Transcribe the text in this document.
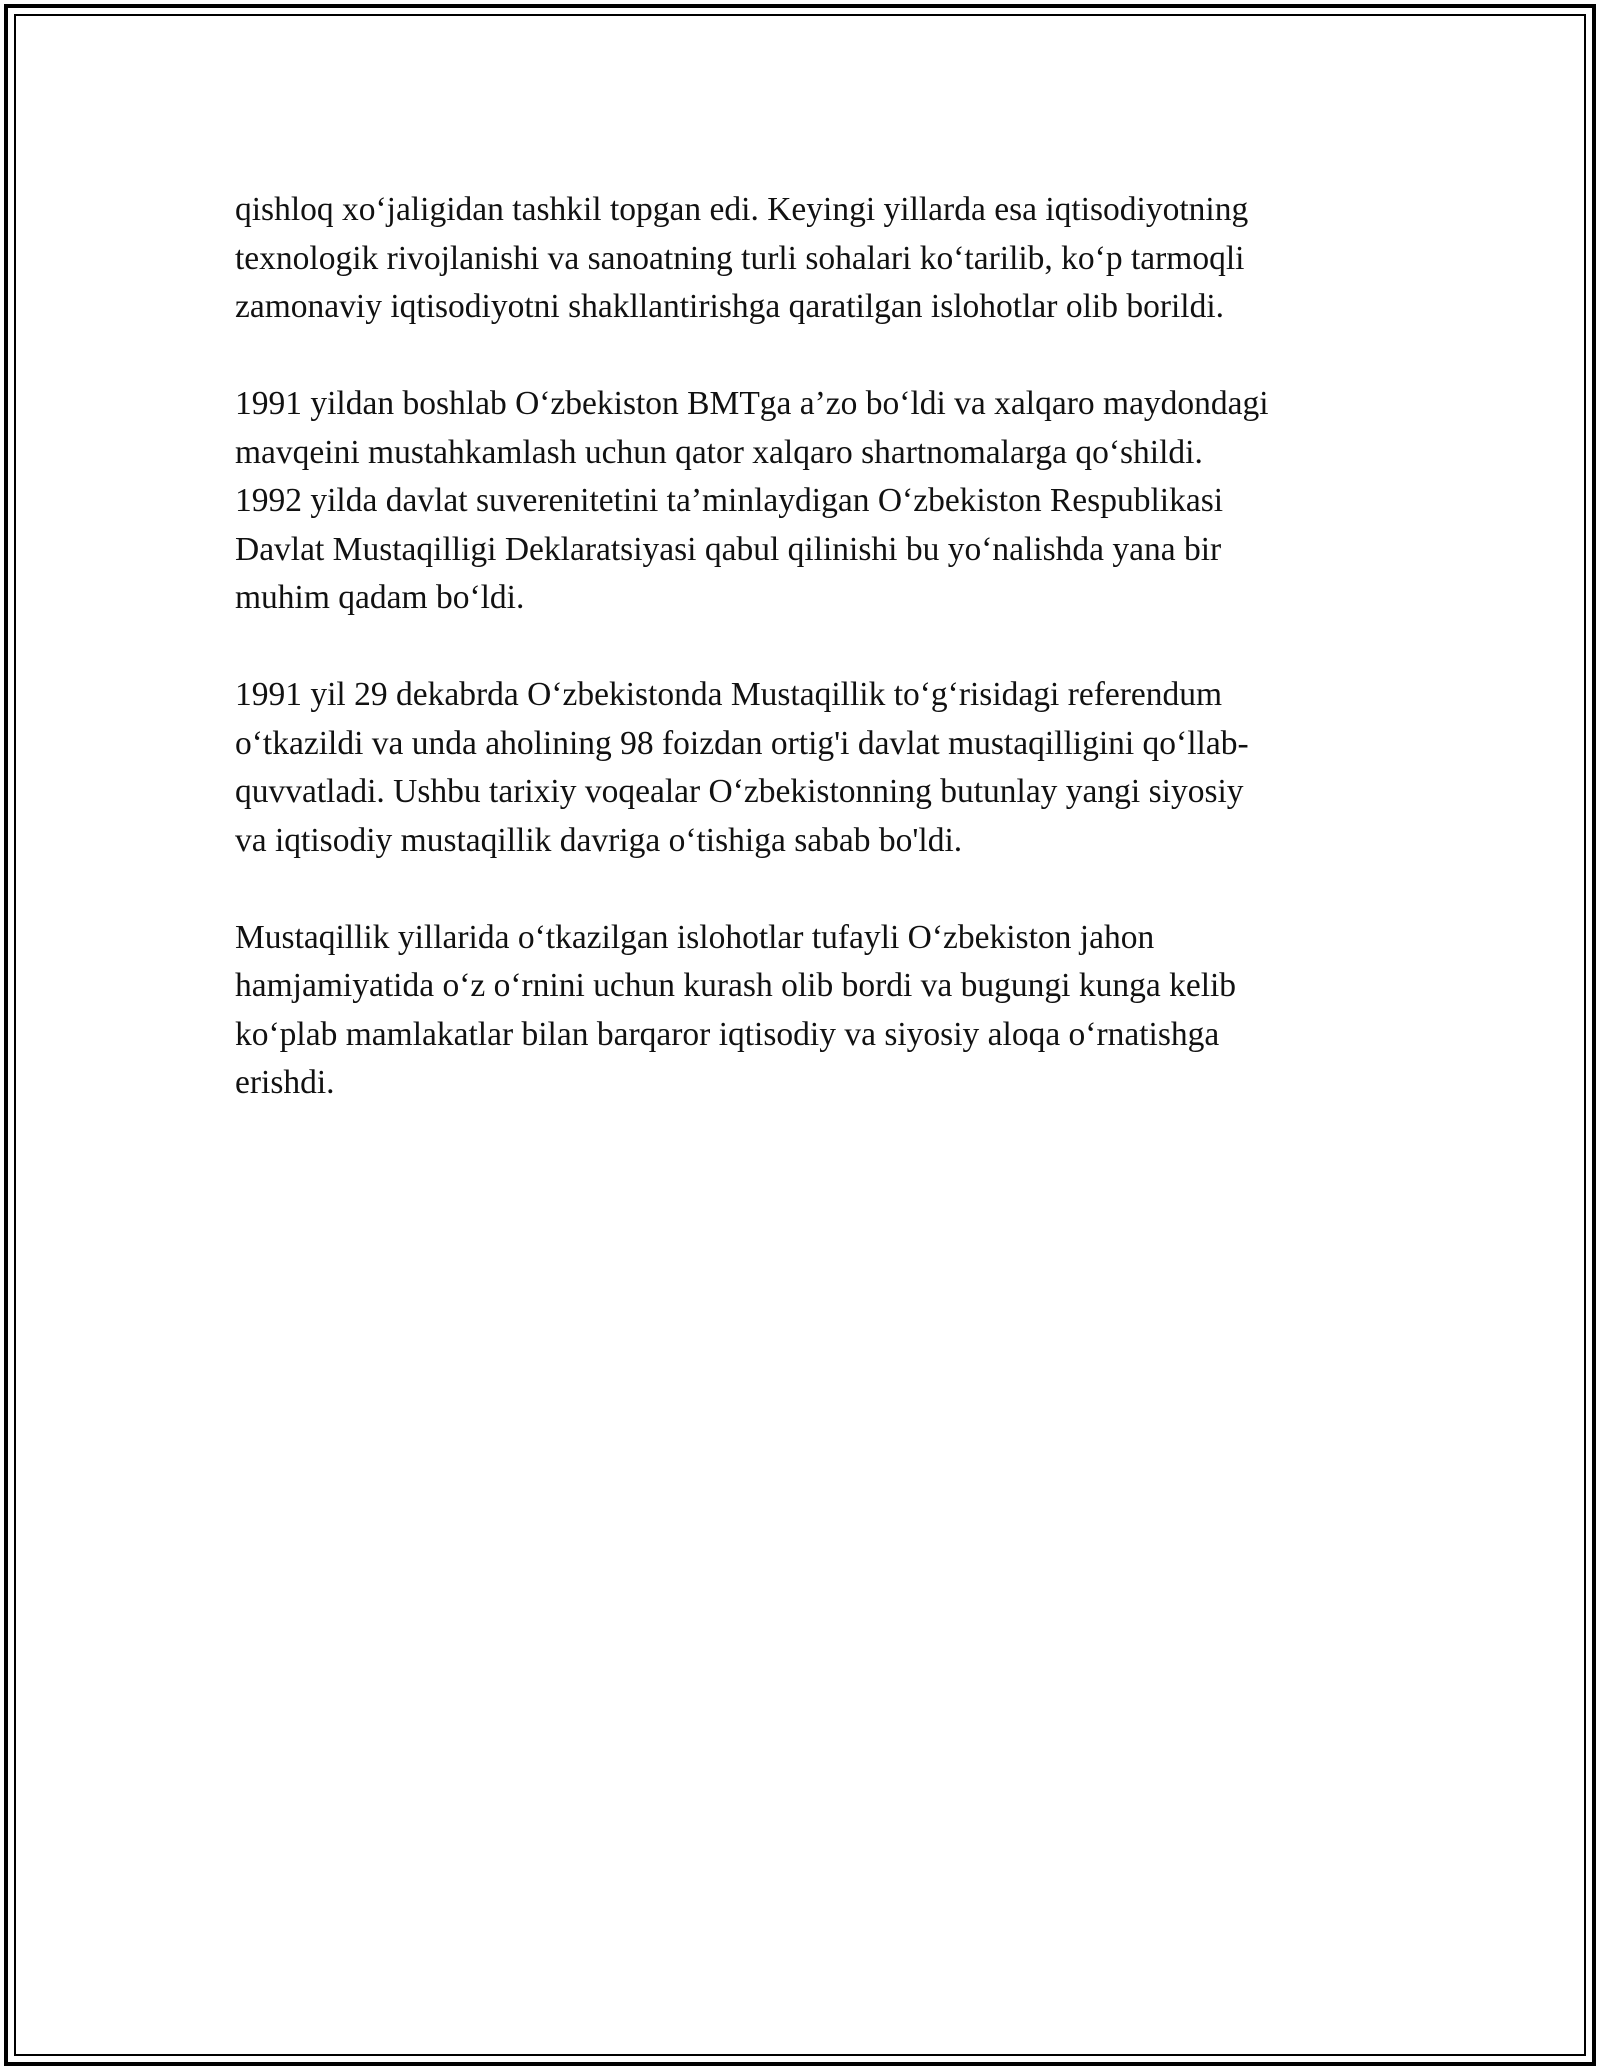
qishloq xo‘jaligidan tashkil topgan edi. Keyingi yillarda esa iqtisodiyotning
texnologik rivojlanishi va sanoatning turli sohalari ko‘tarilib, ko‘p tarmoqli
zamonaviy iqtisodiyotni shakllantirishga qaratilgan islohotlar olib borildi.

1991 yildan boshlab O‘zbekiston BMTga a’zo bo‘ldi va xalqaro maydondagi
mavqeini mustahkamlash uchun qator xalqaro shartnomalarga qo‘shildi.
1992 yilda davlat suverenitetini ta’minlaydigan O‘zbekiston Respublikasi
Davlat Mustaqilligi Deklaratsiyasi qabul qilinishi bu yo‘nalishda yana bir
muhim qadam bo‘ldi.

1991 yil 29 dekabrda O‘zbekistonda Mustaqillik to‘g‘risidagi referendum
o‘tkazildi va unda aholining 98 foizdan ortig'i davlat mustaqilligini qo‘llab-
quvvatladi. Ushbu tarixiy voqealar O‘zbekistonning butunlay yangi siyosiy
va iqtisodiy mustaqillik davriga o‘tishiga sabab bo'ldi.

Mustaqillik yillarida o‘tkazilgan islohotlar tufayli O‘zbekiston jahon
hamjamiyatida o‘z o‘rnini uchun kurash olib bordi va bugungi kunga kelib
ko‘plab mamlakatlar bilan barqaror iqtisodiy va siyosiy aloqa o‘rnatishga
erishdi.
